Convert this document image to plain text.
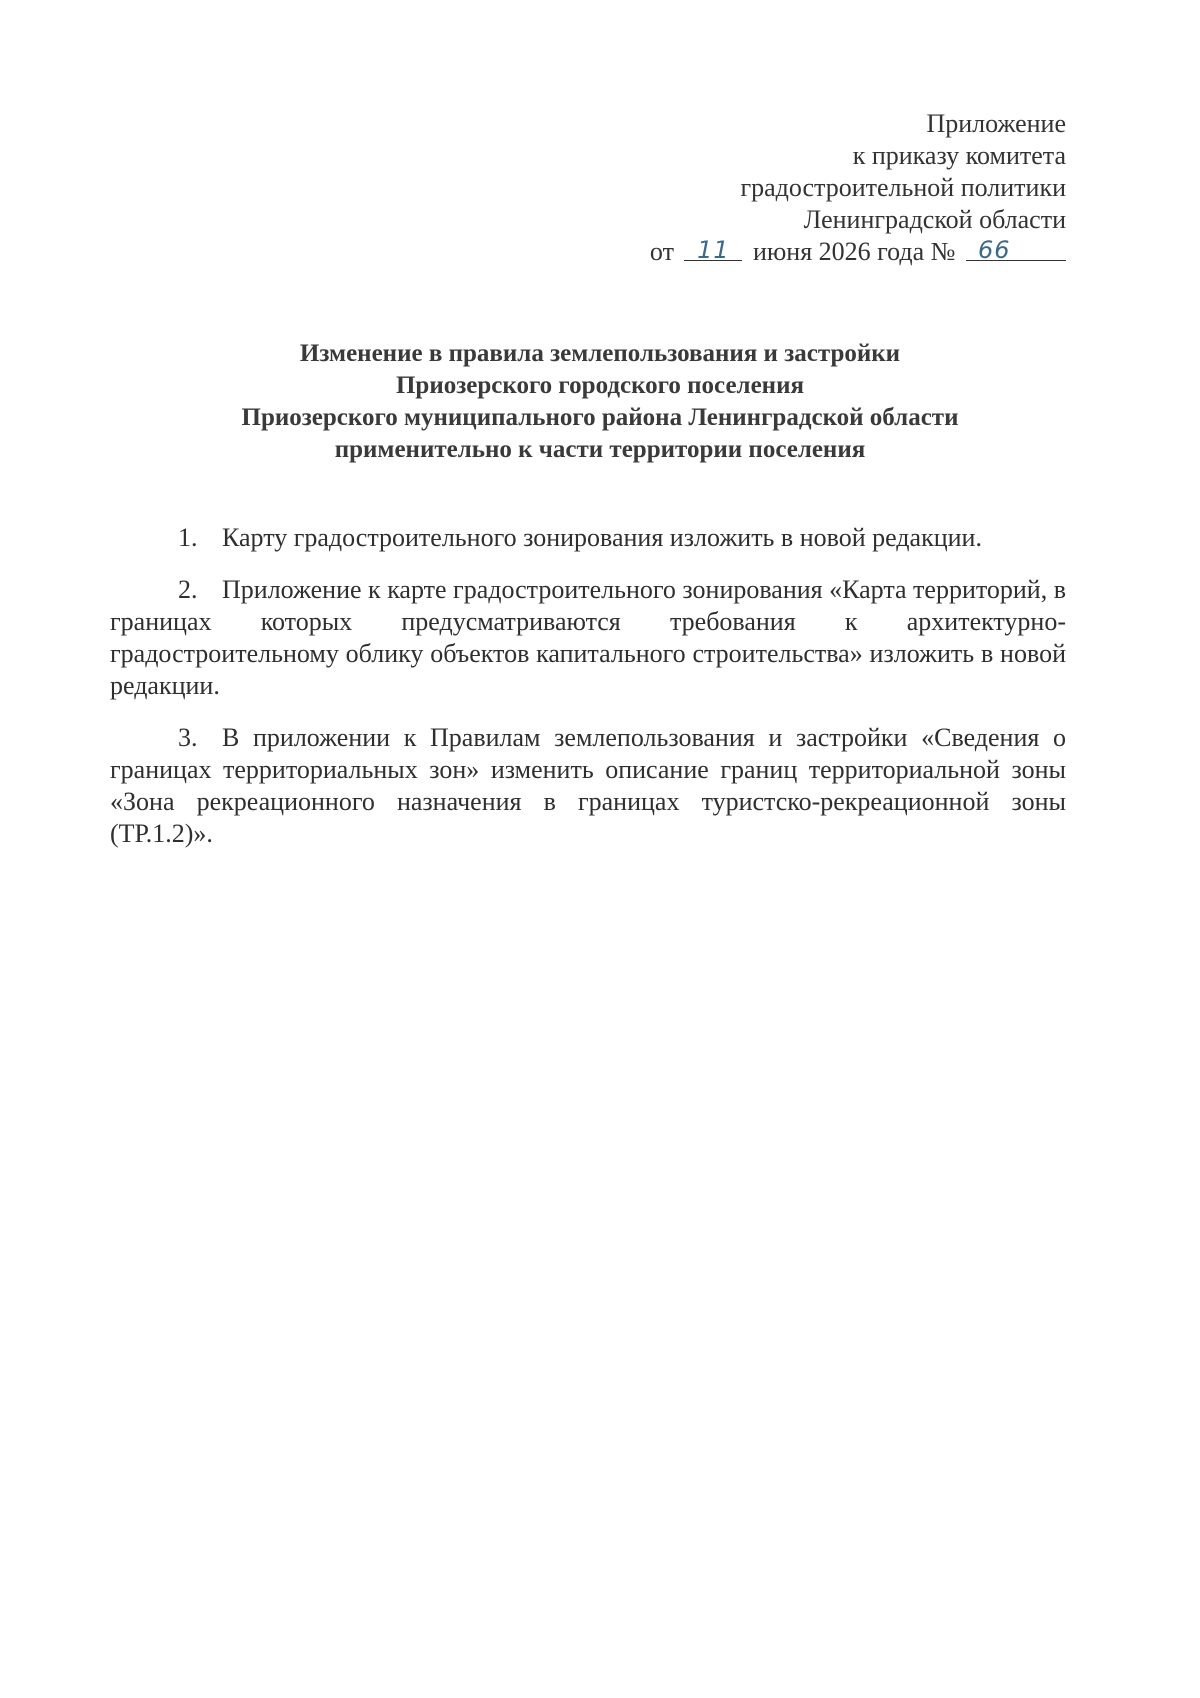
Приложение
к приказу комитета
градостроительной политики
Ленинградской области
от 11 июня 2026 года № 66
Изменение в правила землепользования и застройки
Приозерского городского поселения
Приозерского муниципального района Ленинградской области
применительно к части территории поселения

1. Карту градостроительного зонирования изложить в новой редакции.

2. Приложение к карте градостроительного зонирования «Карта территорий, в границах которых предусматриваются требования к архитектурно-градостроительному облику объектов капитального строительства» изложить в новой редакции.

3. В приложении к Правилам землепользования и застройки «Сведения о границах территориальных зон» изменить описание границ территориальной зоны «Зона рекреационного назначения в границах туристско-рекреационной зоны (ТР.1.2)».
